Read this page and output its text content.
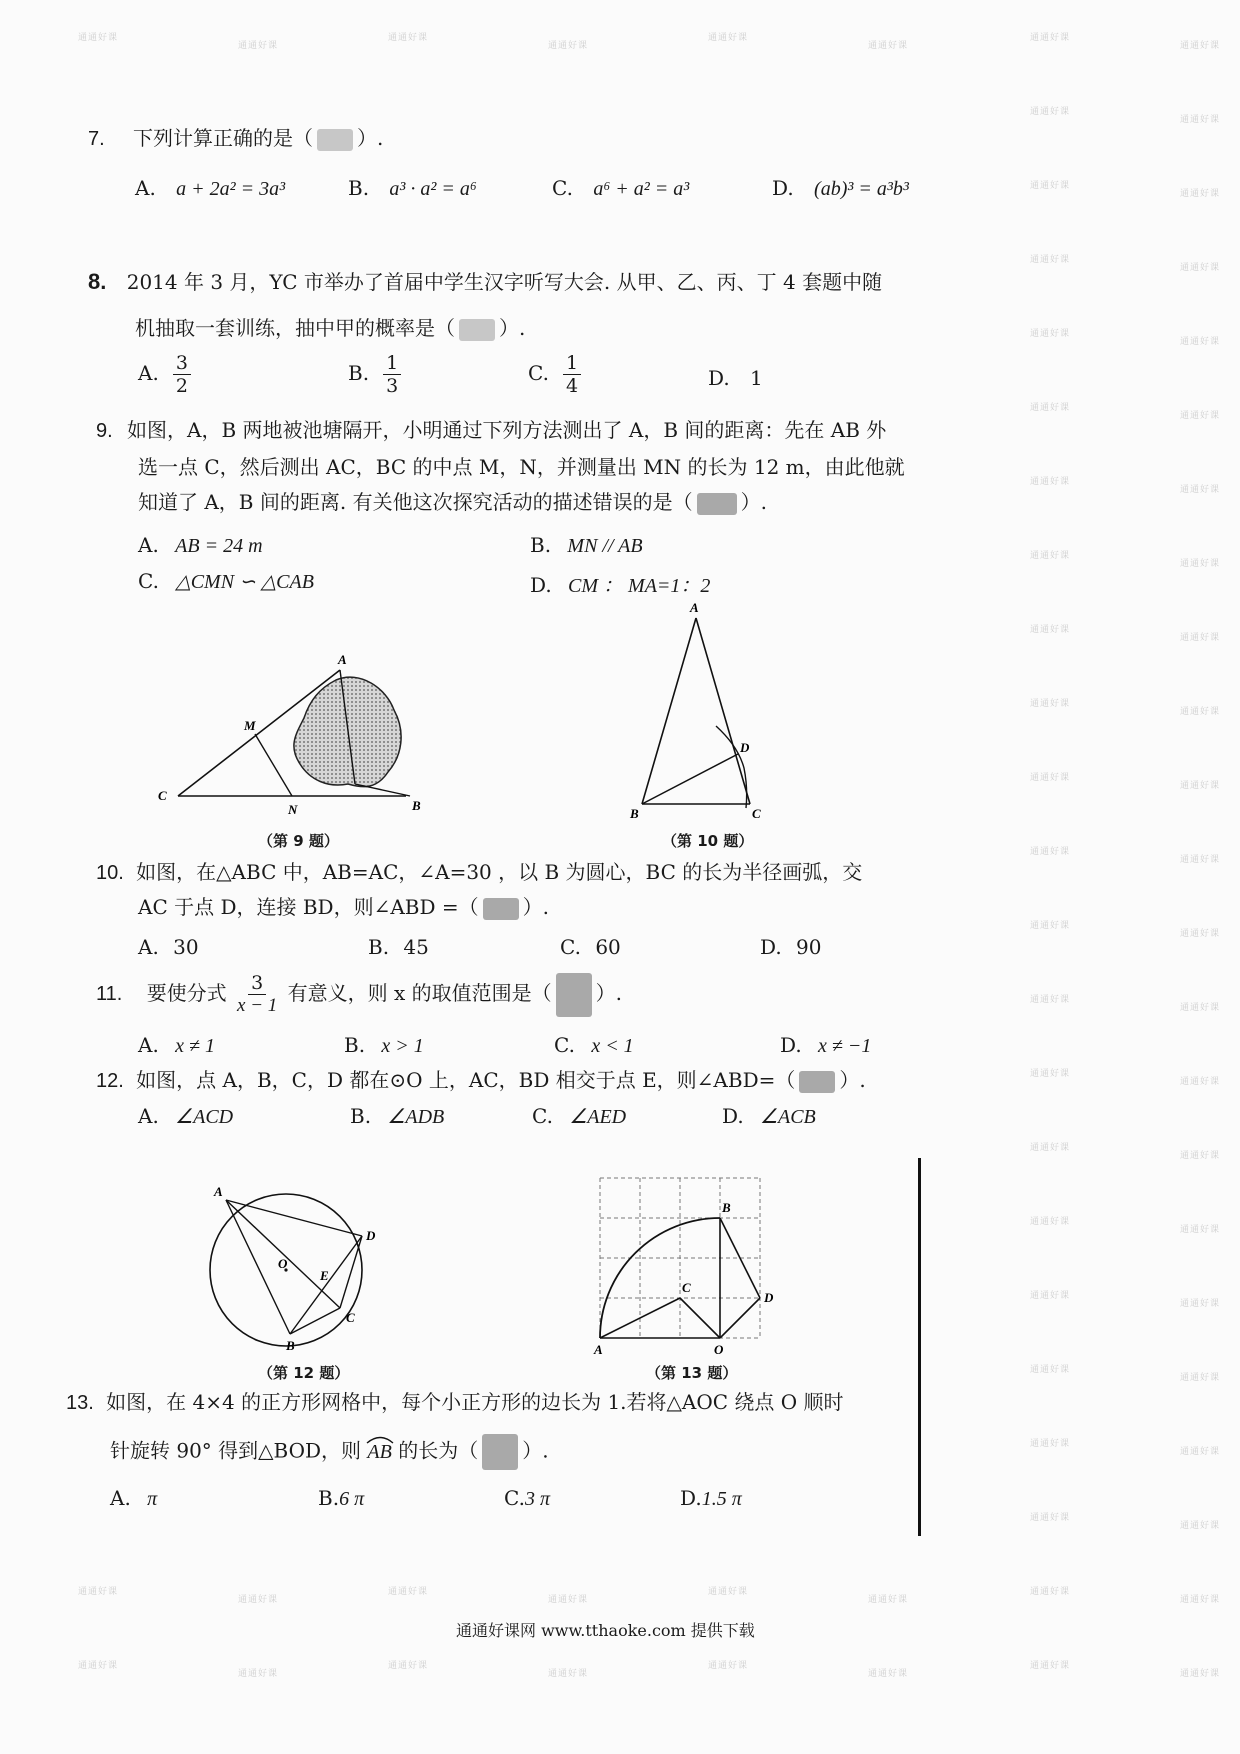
通通好课
通通好课
通通好课
通通好课
通通好课
通通好课
通通好课
通通好课
通通好课
通通好课
通通好课
通通好课
通通好课
通通好课
通通好课
通通好课
通通好课
通通好课
通通好课
通通好课
通通好课
通通好课
通通好课
通通好课
通通好课
通通好课
通通好课
通通好课
通通好课
通通好课
通通好课
通通好课
通通好课
通通好课
通通好课
通通好课
通通好课
通通好课
通通好课
通通好课
通通好课
通通好课
通通好课
通通好课
通通好课
通通好课
通通好课
通通好课
通通好课
通通好课
通通好课
通通好课
通通好课
通通好课
通通好课
通通好课
通通好课
通通好课
通通好课
通通好课
通通好课
通通好课
通通好课
通通好课
7. 下列计算正确的是（ ）.
A. a + 2a² = 3a³	B. a³ · a² = a⁶	C. a⁶ + a² = a³	D. (ab)³ = a³b³
8. 2014 年 3 月，YC 市举办了首届中学生汉字听写大会. 从甲、乙、丙、丁 4 套题中随
机抽取一套训练，抽中甲的概率是（ ）.
A. $\frac{3}{2}$	B. $\frac{1}{3}$	C. $\frac{1}{4}$	D. 1
9. 如图，A，B 两地被池塘隔开，小明通过下列方法测出了 A，B 间的距离：先在 AB 外
选一点 C，然后测出 AC，BC 的中点 M，N，并测量出 MN 的长为 12 m，由此他就
知道了 A，B 间的距离. 有关他这次探究活动的描述错误的是（ ）.
A. AB = 24 m	B. MN // AB
C. △CMN ∽ △CAB	D. CM ： MA=1：2
A
M
C
N	B
（第 9 题）
A
D
B	C
（第 10 题）
10. 如图，在△ABC 中，AB=AC，∠A=30 ，以 B 为圆心，BC 的长为半径画弧，交
AC 于点 D，连接 BD，则∠ABD =（ ）.
A. 30	B. 45	C. 60	D. 90
11. 要使分式 $\frac{3}{x - 1}$ 有意义，则 x 的取值范围是（ ）.
A. x ≠ 1	B. x > 1	C. x < 1	D. x ≠ −1
12. 如图，点 A，B，C，D 都在⊙O 上，AC，BD 相交于点 E，则∠ABD=（ ）.
A. ∠ACD	B. ∠ADB	C. ∠AED	D. ∠ACB
A
D
O
E
C
B
（第 12 题）
B
C
D
A	O
（第 13 题）
13. 如图，在 4×4 的正方形网格中，每个小正方形的边长为 1.若将△AOC 绕点 O 顺时
针旋转 90° 得到△BOD，则 AB 的长为（ ）.
A. π	B.6 π	C.3 π	D.1.5 π
通通好课网 www.tthaoke.com 提供下载
